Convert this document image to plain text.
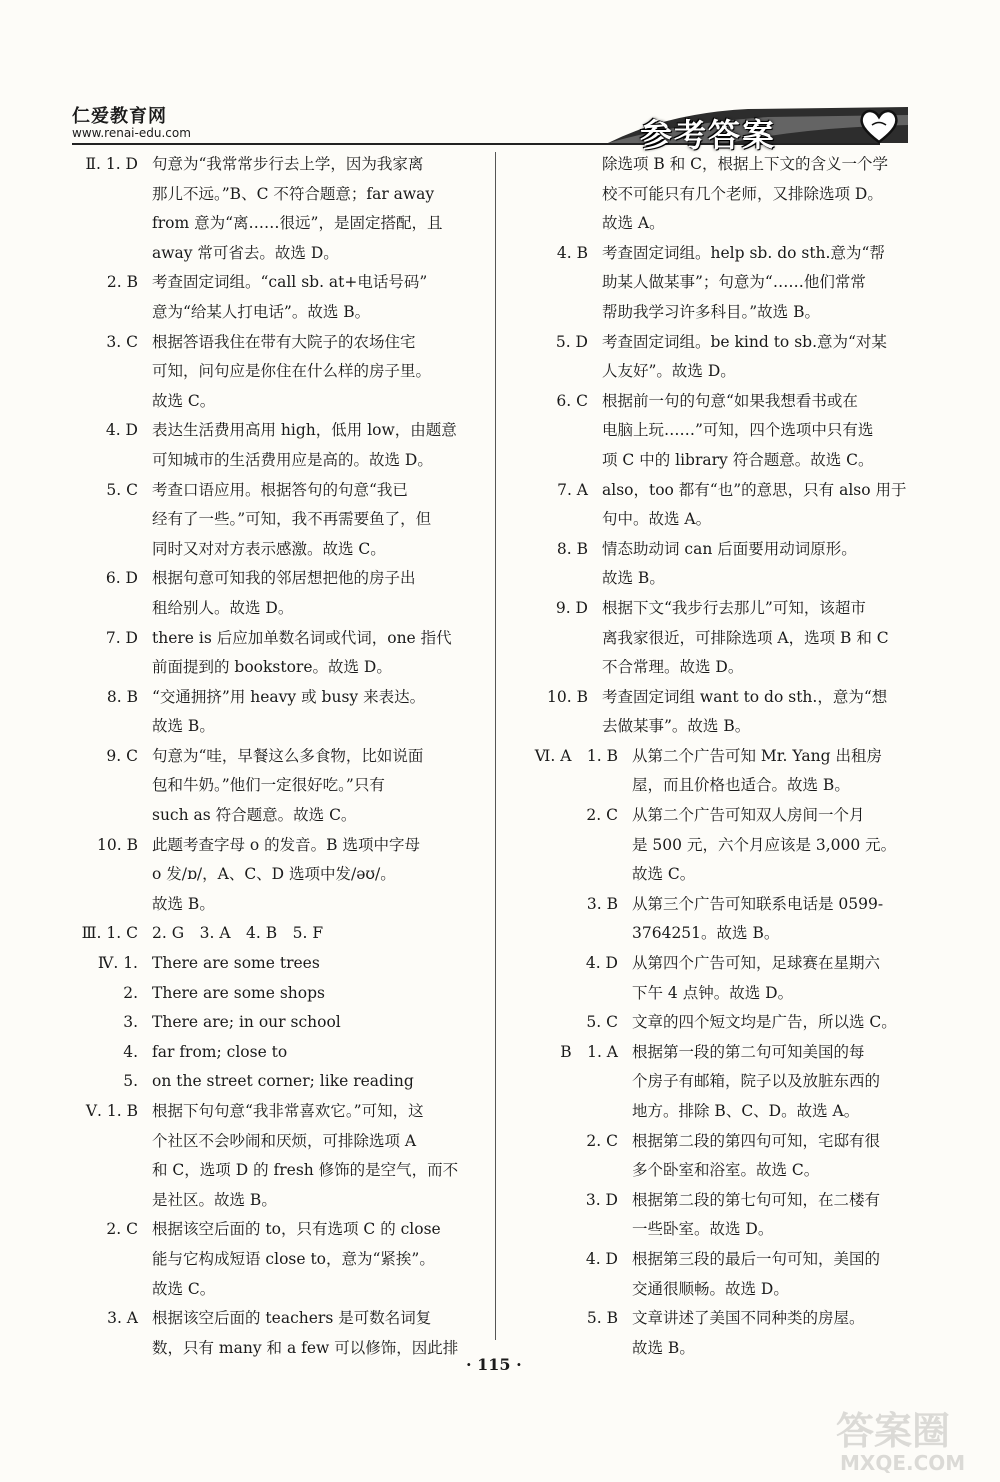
仁爱教育网
www.renai-edu.com	参考答案
Ⅱ. 1. D 句意为“我常常步行去上学，因为我家离
那儿不远。”B、C 不符合题意；far away
from 意为“离……很远”，是固定搭配，且
away 常可省去。故选 D。
2. B 考查固定词组。“call sb. at+电话号码”
意为“给某人打电话”。故选 B。
3. C 根据答语我住在带有大院子的农场住宅
可知，问句应是你住在什么样的房子里。
故选 C。
4. D 表达生活费用高用 high，低用 low，由题意
可知城市的生活费用应是高的。故选 D。
5. C 考查口语应用。根据答句的句意“我已
经有了一些。”可知，我不再需要鱼了，但
同时又对对方表示感激。故选 C。
6. D 根据句意可知我的邻居想把他的房子出
租给别人。故选 D。
7. D there is 后应加单数名词或代词，one 指代
前面提到的 bookstore。故选 D。
8. B “交通拥挤”用 heavy 或 busy 来表达。
故选 B。
9. C 句意为“哇，早餐这么多食物，比如说面
包和牛奶。”他们一定很好吃。”只有
such as 符合题意。故选 C。
10. B 此题考查字母 o 的发音。B 选项中字母
o 发/ɒ/，A、C、D 选项中发/əʊ/。
故选 B。
Ⅲ. 1. C 2. G　3. A　4. B　5. F
Ⅳ. 1. There are some trees
2. There are some shops
3. There are; in our school
4. far from; close to
5. on the street corner; like reading
Ⅴ. 1. B 根据下句句意“我非常喜欢它。”可知，这
个社区不会吵闹和厌烦，可排除选项 A
和 C，选项 D 的 fresh 修饰的是空气，而不
是社区。故选 B。
2. C 根据该空后面的 to，只有选项 C 的 close
能与它构成短语 close to，意为“紧挨”。
故选 C。
3. A 根据该空后面的 teachers 是可数名词复
数，只有 many 和 a few 可以修饰，因此排
除选项 B 和 C，根据上下文的含义一个学
校不可能只有几个老师，又排除选项 D。
故选 A。
4. B 考查固定词组。help sb. do sth.意为“帮
助某人做某事”；句意为“……他们常常
帮助我学习许多科目。”故选 B。
5. D 考查固定词组。be kind to sb.意为“对某
人友好”。故选 D。
6. C 根据前一句的句意“如果我想看书或在
电脑上玩……”可知，四个选项中只有选
项 C 中的 library 符合题意。故选 C。
7. A also，too 都有“也”的意思，只有 also 用于
句中。故选 A。
8. B 情态助动词 can 后面要用动词原形。
故选 B。
9. D 根据下文“我步行去那儿”可知，该超市
离我家很近，可排除选项 A，选项 B 和 C
不合常理。故选 D。
10. B 考查固定词组 want to do sth.，意为“想
去做某事”。故选 B。
Ⅵ. A　1. B 从第二个广告可知 Mr. Yang 出租房
屋，而且价格也适合。故选 B。
2. C 从第二个广告可知双人房间一个月
是 500 元，六个月应该是 3,000 元。
故选 C。
3. B 从第三个广告可知联系电话是 0599-
3764251。故选 B。
4. D 从第四个广告可知，足球赛在星期六
下午 4 点钟。故选 D。
5. C 文章的四个短文均是广告，所以选 C。
B　1. A 根据第一段的第二句可知美国的每
个房子有邮箱，院子以及放脏东西的
地方。排除 B、C、D。故选 A。
2. C 根据第二段的第四句可知，宅邸有很
多个卧室和浴室。故选 C。
3. D 根据第二段的第七句可知，在二楼有
一些卧室。故选 D。
4. D 根据第三段的最后一句可知，美国的
交通很顺畅。故选 D。
5. B 文章讲述了美国不同种类的房屋。
故选 B。
· 115 ·
答案圈
MXQE.COM
